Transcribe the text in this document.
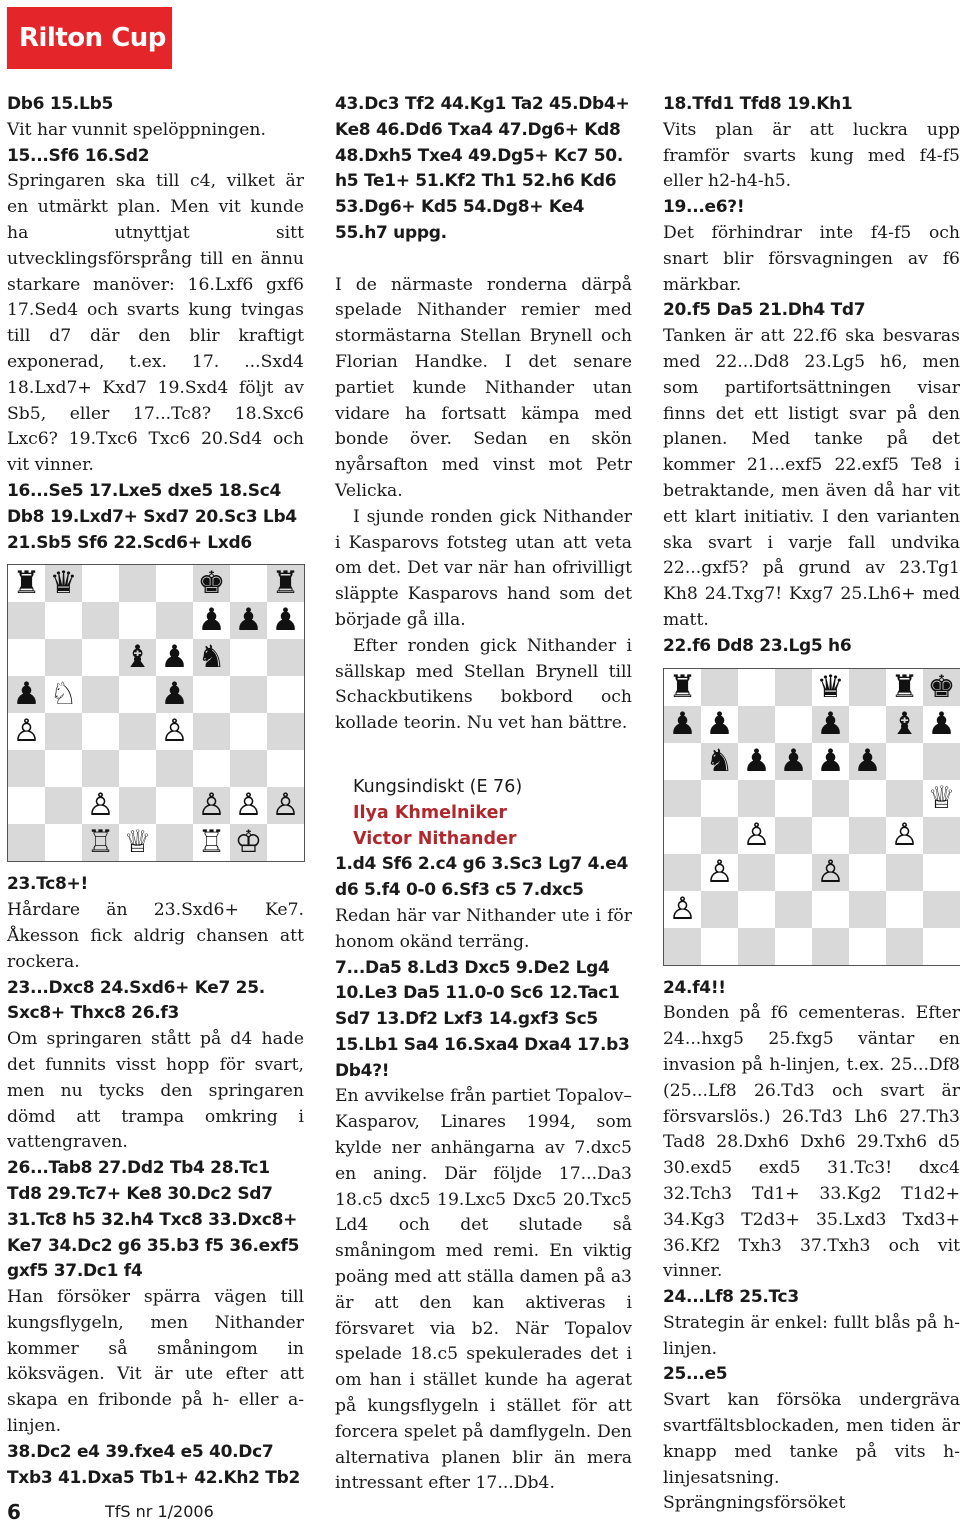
Rilton Cup

Db6 15.Lb5

Vit har vunnit spelöppningen.

15...Sf6 16.Sd2

Springaren ska till c4, vilket är en utmärkt plan. Men vit kunde ha utnyttjat sitt utvecklingsförsprång till en ännu starkare manöver: 16.Lxf6 gxf6 17.Sed4 och svarts kung tvingas till d7 där den blir kraftigt exponerad, t.ex. 17. ...Sxd4 18.Lxd7+ Kxd7 19.Sxd4 följt av Sb5, eller 17...Tc8? 18.Sxc6 Lxc6? 19.Txc6 Txc6 20.Sd4 och vit vinner.

16...Se5 17.Lxe5 dxe5 18.Sc4 Db8 19.Lxd7+ Sxd7 20.Sc3 Lb4 21.Sb5 Sf6 22.Scd6+ Lxd6

♜ ♛	♚ ♜
♟ ♟ ♟
♝ ♟ ♞
♟ ♘	♟
♙	♙
♙	♙ ♙ ♙
♖ ♕ ♖ ♔

23.Tc8+!

Hårdare än 23.Sxd6+ Ke7. Åkesson fick aldrig chansen att rockera.

23...Dxc8 24.Sxd6+ Ke7 25. Sxc8+ Thxc8 26.f3

Om springaren stått på d4 hade det funnits visst hopp för svart, men nu tycks den springaren dömd att trampa omkring i vattengraven.

26...Tab8 27.Dd2 Tb4 28.Tc1 Td8 29.Tc7+ Ke8 30.Dc2 Sd7 31.Tc8 h5 32.h4 Txc8 33.Dxc8+ Ke7 34.Dc2 g6 35.b3 f5 36.exf5 gxf5 37.Dc1 f4

Han försöker spärra vägen till kungsflygeln, men Nithander kommer så småningom in köksvägen. Vit är ute efter att skapa en fribonde på h- eller a-linjen.

38.Dc2 e4 39.fxe4 e5 40.Dc7 Txb3 41.Dxa5 Tb1+ 42.Kh2 Tb2

43.Dc3 Tf2 44.Kg1 Ta2 45.Db4+ Ke8 46.Dd6 Txa4 47.Dg6+ Kd8 48.Dxh5 Txe4 49.Dg5+ Kc7 50. h5 Te1+ 51.Kf2 Th1 52.h6 Kd6 53.Dg6+ Kd5 54.Dg8+ Ke4 55.h7 uppg.

I de närmaste ronderna därpå spelade Nithander remier med stormästarna Stellan Brynell och Florian Handke. I det senare partiet kunde Nithander utan vidare ha fortsatt kämpa med bonde över. Sedan en skön nyårsafton med vinst mot Petr Velicka.

I sjunde ronden gick Nithander i Kasparovs fotsteg utan att veta om det. Det var när han ofrivilligt släppte Kasparovs hand som det började gå illa.

Efter ronden gick Nithander i sällskap med Stellan Brynell till Schackbutikens bokbord och kollade teorin. Nu vet han bättre.

Kungsindiskt (E 76)

Ilya Khmelniker

Victor Nithander

1.d4 Sf6 2.c4 g6 3.Sc3 Lg7 4.e4 d6 5.f4 0-0 6.Sf3 c5 7.dxc5

Redan här var Nithander ute i för honom okänd terräng.

7...Da5 8.Ld3 Dxc5 9.De2 Lg4 10.Le3 Da5 11.0-0 Sc6 12.Tac1 Sd7 13.Df2 Lxf3 14.gxf3 Sc5 15.Lb1 Sa4 16.Sxa4 Dxa4 17.b3 Db4?!

En avvikelse från partiet Topalov–Kasparov, Linares 1994, som kylde ner anhängarna av 7.dxc5 en aning. Där följde 17...Da3 18.c5 dxc5 19.Lxc5 Dxc5 20.Txc5 Ld4 och det slutade så småningom med remi. En viktig poäng med att ställa damen på a3 är att den kan aktiveras i försvaret via b2. När Topalov spelade 18.c5 spekulerades det i om han i stället kunde ha agerat på kungsflygeln i stället för att forcera spelet på damflygeln. Den alternativa planen blir än mera intressant efter 17...Db4.

18.Tfd1 Tfd8 19.Kh1

Vits plan är att luckra upp framför svarts kung med f4-f5 eller h2-h4-h5.

19...e6?!

Det förhindrar inte f4-f5 och snart blir försvagningen av f6 märkbar.

20.f5 Da5 21.Dh4 Td7

Tanken är att 22.f6 ska besvaras med 22...Dd8 23.Lg5 h6, men som partifortsättningen visar finns det ett listigt svar på den planen. Med tanke på det kommer 21...exf5 22.exf5 Te8 i betraktande, men även då har vit ett klart initiativ. I den varianten ska svart i varje fall undvika 22...gxf5? på grund av 23.Tg1 Kh8 24.Txg7! Kxg7 25.Lh6+ med matt.

22.f6 Dd8 23.Lg5 h6

♜	♛ ♜ ♚
♟ ♟	♟ ♝ ♟
♞ ♟ ♟ ♟ ♟
♕
♙	♙
♙	♙
♙

24.f4!!

Bonden på f6 cementeras. Efter 24...hxg5 25.fxg5 väntar en invasion på h-linjen, t.ex. 25...Df8 (25...Lf8 26.Td3 och svart är försvarslös.) 26.Td3 Lh6 27.Th3 Tad8 28.Dxh6 Dxh6 29.Txh6 d5 30.exd5 exd5 31.Tc3! dxc4 32.Tch3 Td1+ 33.Kg2 T1d2+ 34.Kg3 T2d3+ 35.Lxd3 Txd3+ 36.Kf2 Txh3 37.Txh3 och vit vinner.

24...Lf8 25.Tc3

Strategin är enkel: fullt blås på h-linjen.

25...e5

Svart kan försöka undergräva svartfältsblockaden, men tiden är knapp med tanke på vits h-linjesatsning. Sprängningsförsöket

6	TfS nr 1/2006
